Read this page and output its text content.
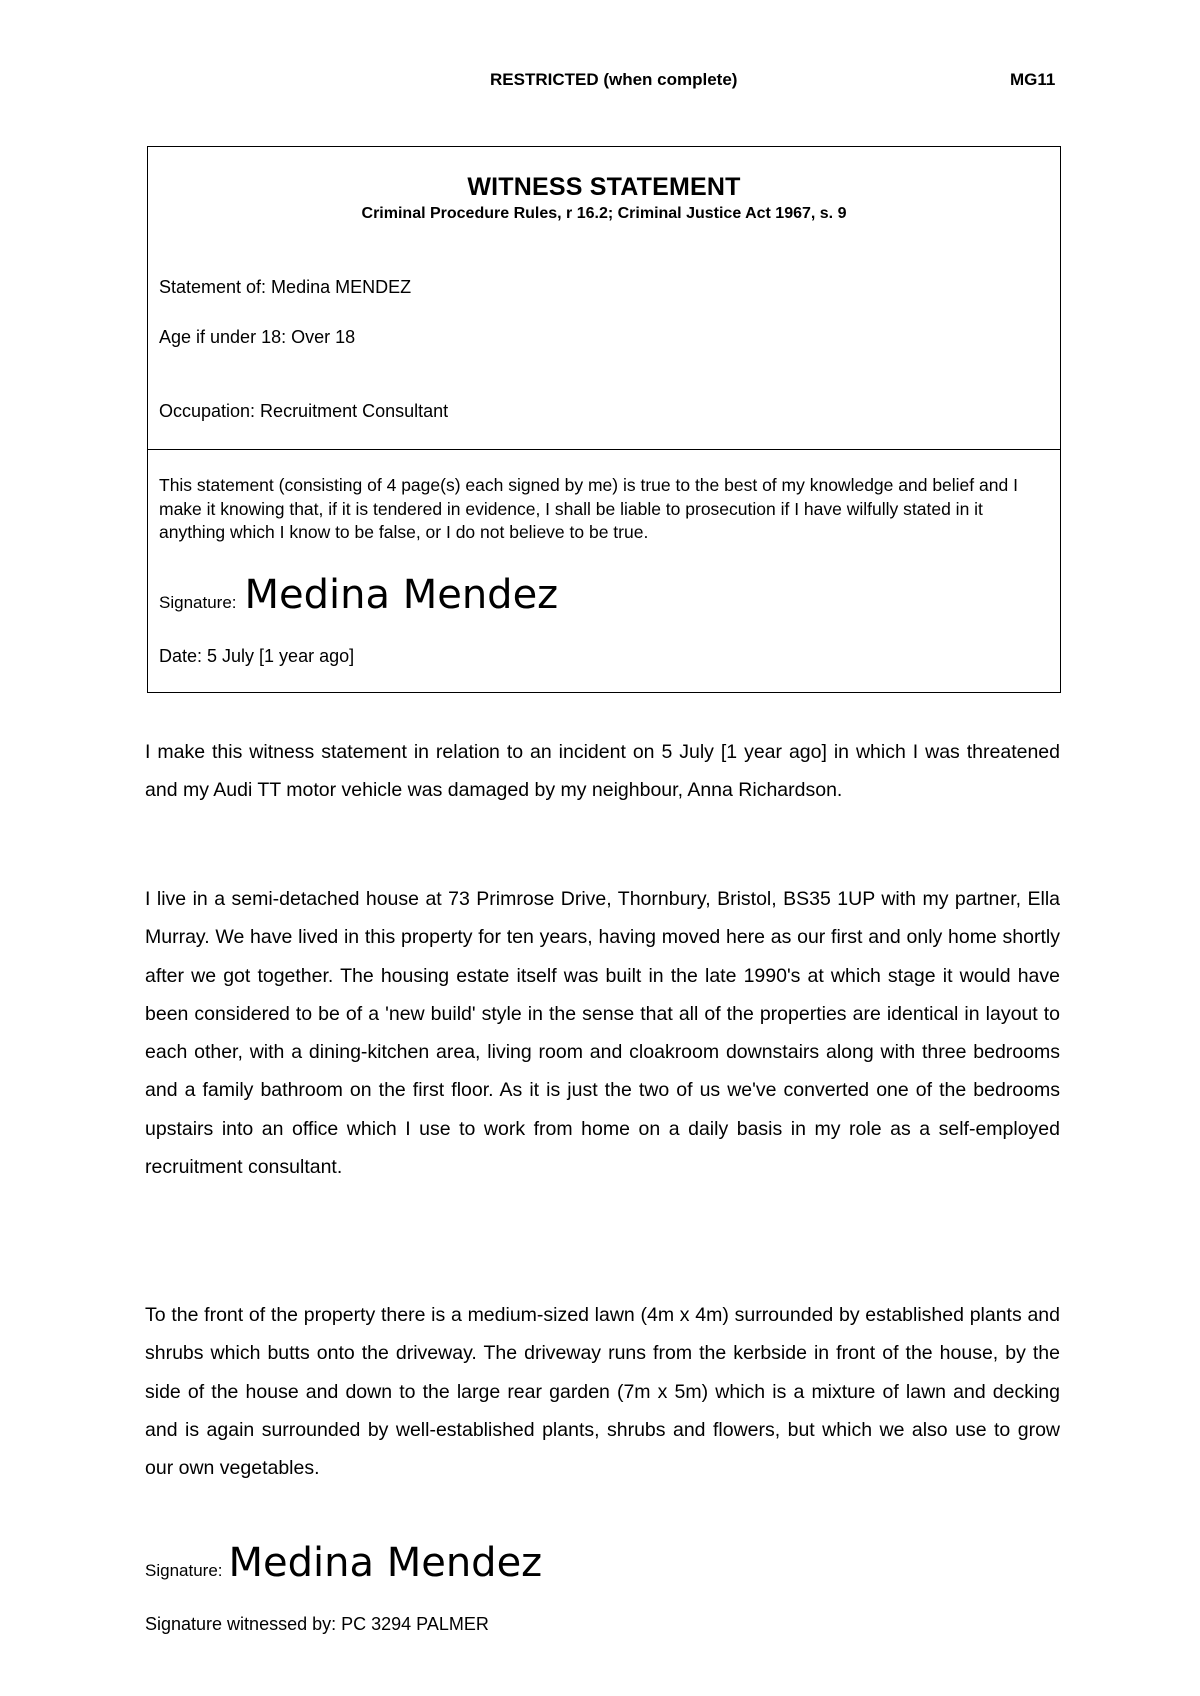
RESTRICTED (when complete)	MG11
WITNESS STATEMENT
Criminal Procedure Rules, r 16.2; Criminal Justice Act 1967, s. 9
Statement of: Medina MENDEZ
Age if under 18: Over 18
Occupation: Recruitment Consultant
This statement (consisting of 4 page(s) each signed by me) is true to the best of my knowledge and belief and I make it knowing that, if it is tendered in evidence, I shall be liable to prosecution if I have wilfully stated in it anything which I know to be false, or I do not believe to be true.
Signature: Medina Mendez
Date: 5 July [1 year ago]
I make this witness statement in relation to an incident on 5 July [1 year ago] in which I was threatened and my Audi TT motor vehicle was damaged by my neighbour, Anna Richardson.
I live in a semi-detached house at 73 Primrose Drive, Thornbury, Bristol, BS35 1UP with my partner, Ella Murray. We have lived in this property for ten years, having moved here as our first and only home shortly after we got together. The housing estate itself was built in the late 1990's at which stage it would have been considered to be of a 'new build' style in the sense that all of the properties are identical in layout to each other, with a dining-kitchen area, living room and cloakroom downstairs along with three bedrooms and a family bathroom on the first floor. As it is just the two of us we've converted one of the bedrooms upstairs into an office which I use to work from home on a daily basis in my role as a self-employed recruitment consultant.
To the front of the property there is a medium-sized lawn (4m x 4m) surrounded by established plants and shrubs which butts onto the driveway. The driveway runs from the kerbside in front of the house, by the side of the house and down to the large rear garden (7m x 5m) which is a mixture of lawn and decking and is again surrounded by well-established plants, shrubs and flowers, but which we also use to grow our own vegetables.
Signature: Medina Mendez
Signature witnessed by: PC 3294 PALMER
